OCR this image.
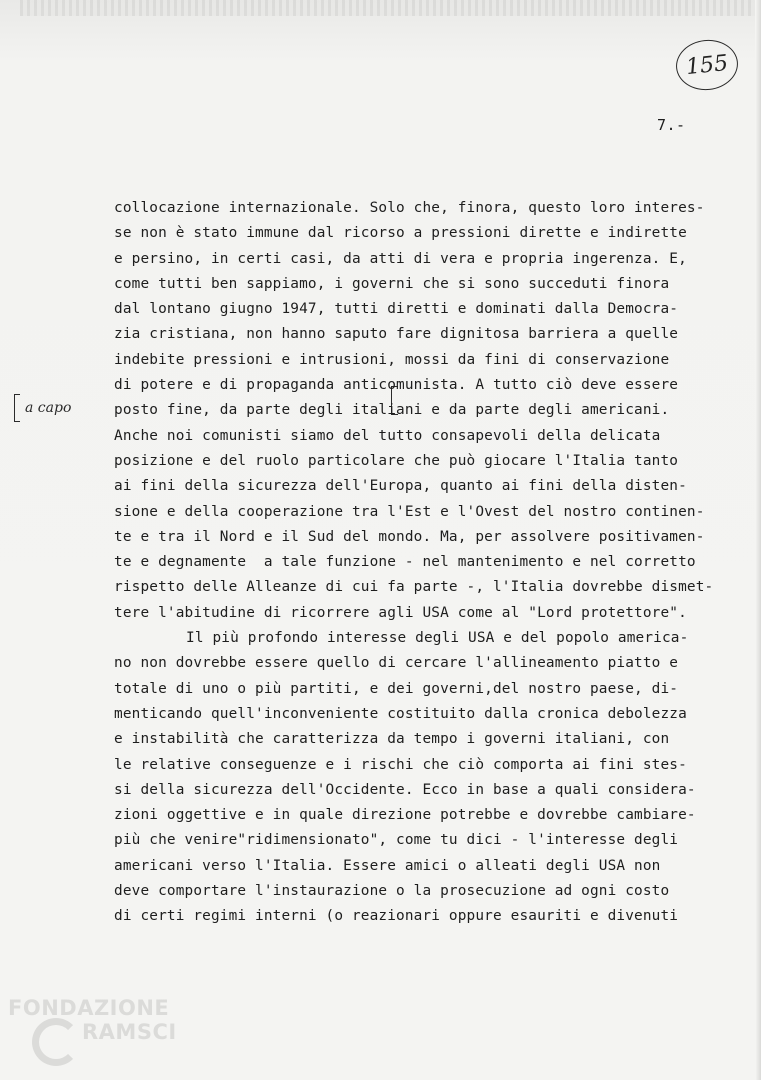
155
7.-
a capo
collocazione internazionale. Solo che, finora, questo loro interes-
se non è stato immune dal ricorso a pressioni dirette e indirette
e persino, in certi casi, da atti di vera e propria ingerenza. E,
come tutti ben sappiamo, i governi che si sono succeduti finora
dal lontano giugno 1947, tutti diretti e dominati dalla Democra-
zia cristiana, non hanno saputo fare dignitosa barriera a quelle
indebite pressioni e intrusioni, mossi da fini di conservazione
di potere e di propaganda anticomunista. A tutto ciò deve essere
posto fine, da parte degli italiani e da parte degli americani.
Anche noi comunisti siamo del tutto consapevoli della delicata
posizione e del ruolo particolare che può giocare l'Italia tanto
ai fini della sicurezza dell'Europa, quanto ai fini della disten-
sione e della cooperazione tra l'Est e l'Ovest del nostro continen-
te e tra il Nord e il Sud del mondo. Ma, per assolvere positivamen-
te e degnamente  a tale funzione - nel mantenimento e nel corretto
rispetto delle Alleanze di cui fa parte -, l'Italia dovrebbe dismet-
tere l'abitudine di ricorrere agli USA come al "Lord protettore".
Il più profondo interesse degli USA e del popolo america-
no non dovrebbe essere quello di cercare l'allineamento piatto e
totale di uno o più partiti, e dei governi,del nostro paese, di-
menticando quell'inconveniente costituito dalla cronica debolezza
e instabilità che caratterizza da tempo i governi italiani, con
le relative conseguenze e i rischi che ciò comporta ai fini stes-
si della sicurezza dell'Occidente. Ecco in base a quali considera-
zioni oggettive e in quale direzione potrebbe e dovrebbe cambiare-
più che venire"ridimensionato", come tu dici - l'interesse degli
americani verso l'Italia. Essere amici o alleati degli USA non
deve comportare l'instaurazione o la prosecuzione ad ogni costo
di certi regimi interni (o reazionari oppure esauriti e divenuti
FONDAZIONE
RAMSCI
